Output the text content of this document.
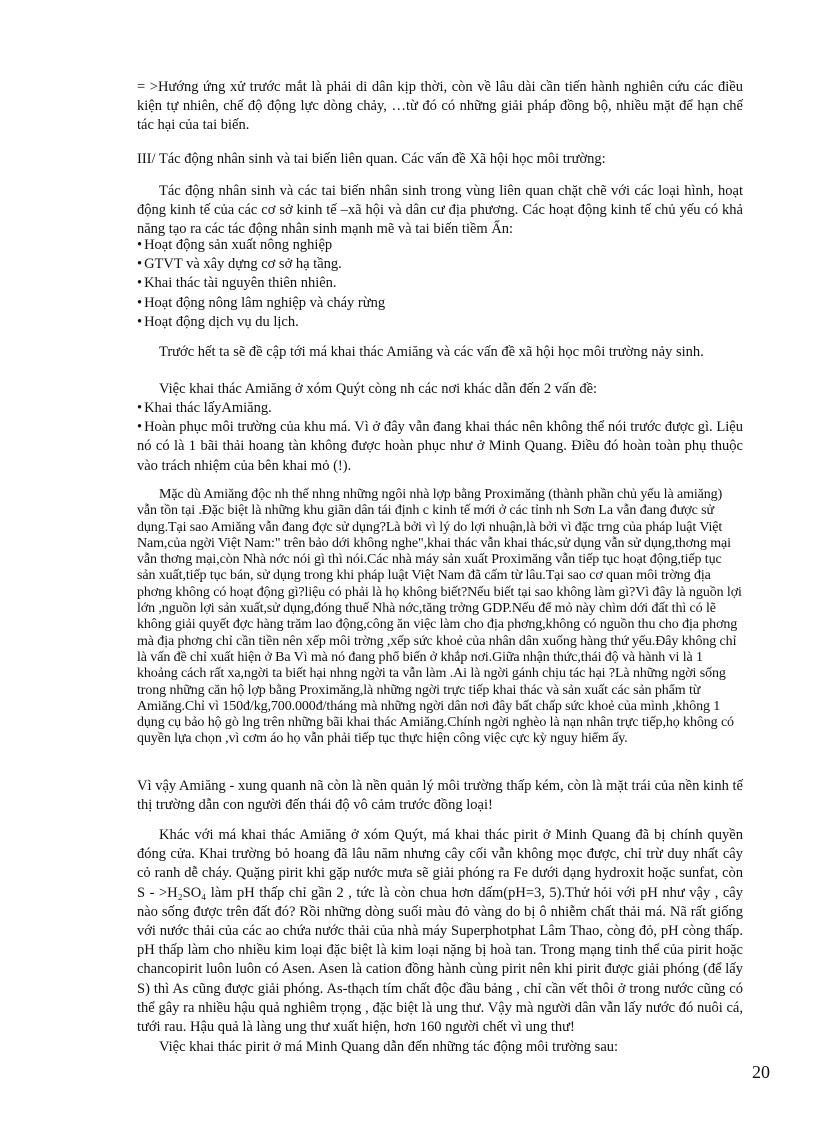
= >Hướng ứng xử trước mắt là phải di dân kịp thời, còn về lâu dài cần tiến hành nghiên cứu các điều kiện tự nhiên, chế độ động lực dòng chảy, …từ đó có những giải pháp đồng bộ, nhiều mặt để hạn chế tác hại của tai biến.

III/ Tác động nhân sinh và tai biến liên quan. Các vấn đề Xã hội học môi trường:

Tác động nhân sinh và các tai biến nhân sinh trong vùng liên quan chặt chẽ với các loại hình, hoạt động kinh tế của các cơ sở kinh tế –xã hội và dân cư địa phương. Các hoạt động kinh tế chủ yếu có khả năng tạo ra các tác động nhân sinh mạnh mẽ và tai biến tiềm Ẩn:

• Hoạt động sản xuất nông nghiệp

• GTVT và xây dựng cơ sở hạ tầng.

• Khai thác tài nguyên thiên nhiên.

• Hoạt động nông lâm nghiệp và cháy rừng

• Hoạt động dịch vụ du lịch.

Trước hết ta sẽ đề cập tới má khai thác Amiăng và các vấn đề xã hội học môi trường nảy sinh.

Việc khai thác Amiăng ở xóm Quýt còng nh các nơi khác dẫn đến 2 vấn đề:

• Khai thác lấyAmiăng.

• Hoàn phục môi trường của khu má. Vì ở đây vẫn đang khai thác nên không thể nói trước được gì. Liệu nó có là 1 bãi thải hoang tàn không được hoàn phục như ở Minh Quang. Điều đó hoàn toàn phụ thuộc vào trách nhiệm của bên khai mỏ (!).

Mặc dù Amiăng độc nh thế nhng những ngôi nhà lợp bằng Proximăng (thành phần chủ yếu là amiăng) vẫn tồn tại .Đặc biệt là những khu giãn dân tái định c kinh tế mới ở các tỉnh nh Sơn La vẫn đang được sử dụng.Tại sao Amiăng vẫn đang đợc sử dụng?Là bởi vì lý do lợi nhuận,là bởi vì đặc trng của pháp luật Việt Nam,của ngời Việt Nam:" trên bảo dới không nghe",khai thác vẫn khai thác,sử dụng vẫn sử dụng,thơng mại vẫn thơng mại,còn Nhà nớc nói gì thì nói.Các nhà máy sản xuất Proximăng vẫn tiếp tục hoạt động,tiếp tục sản xuất,tiếp tục bán, sử dụng trong khi pháp luật Việt Nam đã cấm từ lâu.Tại sao cơ quan môi trờng địa phơng không có hoạt động gì?liệu có phải là họ không biết?Nếu biết tại sao không làm gì?Vì đây là nguồn lợi lớn ,nguồn lợi sản xuất,sử dụng,đóng thuế Nhà nớc,tăng trởng GDP.Nếu để mỏ này chìm dới đất thì có lẽ không giải quyết đợc hàng trăm lao động,công ăn việc làm cho địa phơng,không có nguồn thu cho địa phơng mà địa phơng chỉ cần tiền nên xếp môi trờng ,xếp sức khoẻ của nhân dân xuống hàng thứ yếu.Đây không chỉ là vấn đề chỉ xuất hiện ở Ba Vì mà nó đang phổ biến ở khắp nơi.Giữa nhận thức,thái độ và hành vi là 1 khoảng cách rất xa,ngời ta biết hại nhng ngời ta vẫn làm .Ai là ngời gánh chịu tác hại ?Là những ngời sống trong những căn hộ lợp bằng Proximăng,là những ngời trực tiếp khai thác và sản xuất các sản phẩm từ Amiăng.Chỉ vì 150đ/kg,700.000đ/tháng mà những ngời dân nơi đây bất chấp sức khoẻ của mình ,không 1 dụng cụ bảo hộ gò lng trên những bãi khai thác Amiăng.Chính ngời nghèo là nạn nhân trực tiếp,họ không có quyền lựa chọn ,vì cơm áo họ vẫn phải tiếp tục thực hiện công việc cực kỳ nguy hiểm ấy.

Vì vậy Amiăng - xung quanh nã còn là nền quản lý môi trường thấp kém, còn là mặt trái của nền kinh tế thị trường dẫn con người đến thái độ vô cảm trước đồng loại!

Khác với má khai thác Amiăng ở xóm Quýt, má khai thác pirit ở Minh Quang đã bị chính quyền đóng cửa. Khai trường bỏ hoang đã lâu năm nhưng cây cối vẫn không mọc được, chỉ trừ duy nhất cây cỏ ranh dễ cháy. Quặng pirit khi gặp nước mưa sẽ giải phóng ra Fe dưới dạng hydroxit hoặc sunfat, còn S - >H₂SO₄ làm pH thấp chỉ gần 2 , tức là còn chua hơn dấm(pH=3, 5).Thử hỏi với pH như vậy , cây nào sống được trên đất đó? Rồi những dòng suối màu đỏ vàng do bị ô nhiễm chất thải má. Nã rất giống với nước thải của các ao chứa nước thải của nhà máy Superphotphat Lâm Thao, còng đỏ, pH còng thấp. pH thấp làm cho nhiều kim loại đặc biệt là kim loại nặng bị hoà tan. Trong mạng tinh thể của pirit hoặc chancopirit luôn luôn có Asen. Asen là cation đồng hành cùng pirit nên khi pirit được giải phóng (để lấy S) thì As cũng được giải phóng. As-thạch tím chất độc đầu bảng , chỉ cần vết thôi ở trong nước cũng có thể gây ra nhiều hậu quả nghiêm trọng , đặc biệt là ung thư. Vậy mà người dân vẫn lấy nước đó nuôi cá, tưới rau. Hậu quả là làng ung thư xuất hiện, hơn 160 người chết vì ung thư!

Việc khai thác pirit ở má Minh Quang dẫn đến những tác động môi trường sau:

20
